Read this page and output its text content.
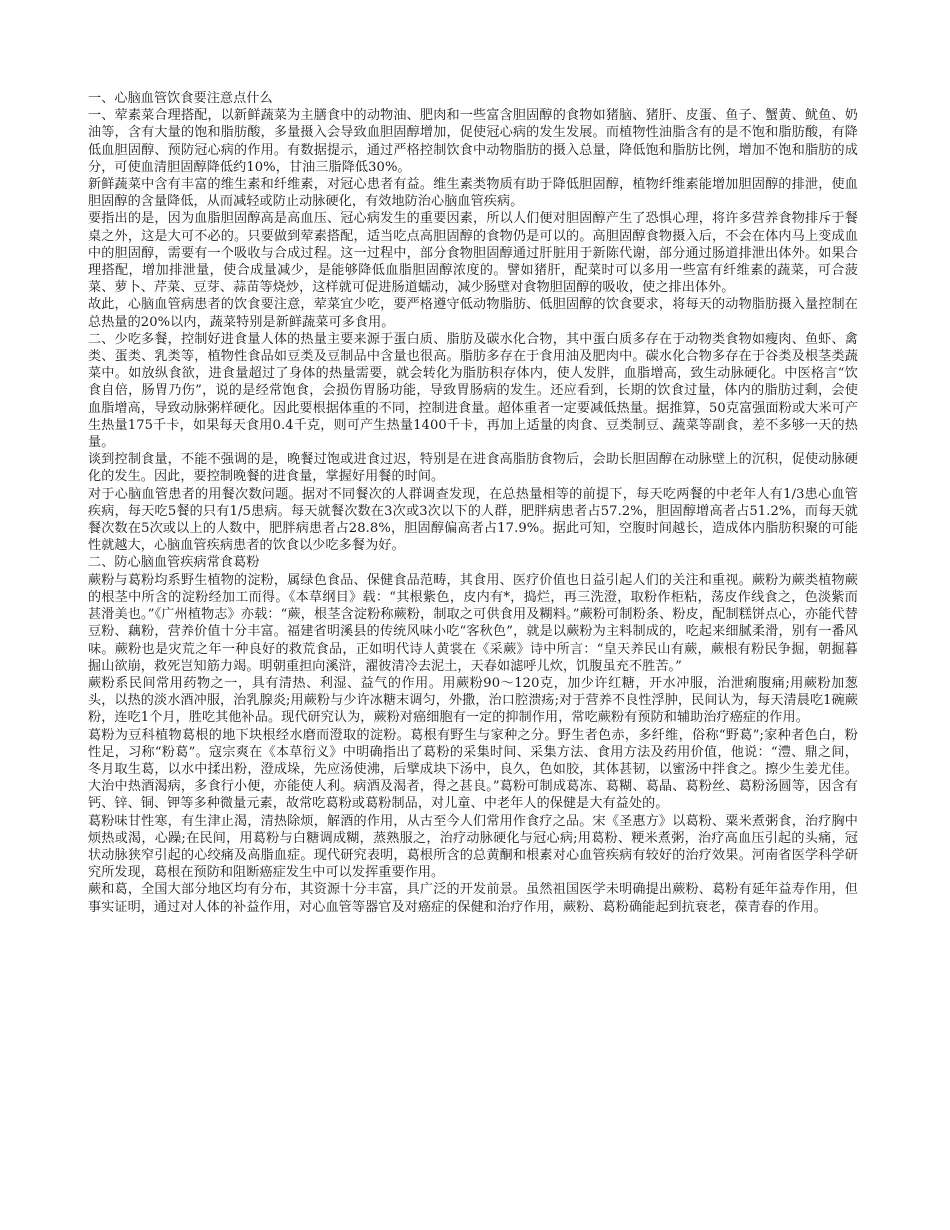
一、心脑血管饮食要注意点什么

一、荤素菜合理搭配，以新鲜蔬菜为主膳食中的动物油、肥肉和一些富含胆固醇的食物如猪脑、猪肝、皮蛋、鱼子、蟹黄、鱿鱼、奶油等，含有大量的饱和脂肪酸，多量摄入会导致血胆固醇增加，促使冠心病的发生发展。而植物性油脂含有的是不饱和脂肪酸，有降低血胆固醇、预防冠心病的作用。有数据提示，通过严格控制饮食中动物脂肪的摄入总量，降低饱和脂肪比例，增加不饱和脂肪的成分，可使血清胆固醇降低约10%，甘油三脂降低30%。

新鲜蔬菜中含有丰富的维生素和纤维素，对冠心患者有益。维生素类物质有助于降低胆固醇，植物纤维素能增加胆固醇的排泄，使血胆固醇的含量降低，从而减轻或防止动脉硬化，有效地防治心脑血管疾病。

要指出的是，因为血脂胆固醇高是高血压、冠心病发生的重要因素，所以人们便对胆固醇产生了恐惧心理，将许多营养食物排斥于餐桌之外，这是大可不必的。只要做到荤素搭配，适当吃点高胆固醇的食物仍是可以的。高胆固醇食物摄入后，不会在体内马上变成血中的胆固醇，需要有一个吸收与合成过程。这一过程中，部分食物胆固醇通过肝脏用于新陈代谢，部分通过肠道排泄出体外。如果合理搭配，增加排泄量，使合成量减少，是能够降低血脂胆固醇浓度的。譬如猪肝，配菜时可以多用一些富有纤维素的蔬菜，可合菠菜、萝卜、芹菜、豆芽、蒜苗等烧炒，这样就可促进肠道蠕动，减少肠壁对食物胆固醇的吸收，使之排出体外。

故此，心脑血管病患者的饮食要注意，荤菜宜少吃，要严格遵守低动物脂肪、低胆固醇的饮食要求，将每天的动物脂肪摄入量控制在总热量的20%以内，蔬菜特别是新鲜蔬菜可多食用。

二、少吃多餐，控制好进食量人体的热量主要来源于蛋白质、脂肪及碳水化合物，其中蛋白质多存在于动物类食物如瘦肉、鱼虾、禽类、蛋类、乳类等，植物性食品如豆类及豆制品中含量也很高。脂肪多存在于食用油及肥肉中。碳水化合物多存在于谷类及根茎类蔬菜中。如放纵食欲，进食量超过了身体的热量需要，就会转化为脂肪积存体内，使人发胖，血脂增高，致生动脉硬化。中医格言“饮食自倍，肠胃乃伤”，说的是经常饱食，会损伤胃肠功能，导致胃肠病的发生。还应看到，长期的饮食过量，体内的脂肪过剩，会使血脂增高，导致动脉粥样硬化。因此要根据体重的不同，控制进食量。超体重者一定要减低热量。据推算，50克富强面粉或大米可产生热量175千卡，如果每天食用0.4千克，则可产生热量1400千卡，再加上适量的肉食、豆类制豆、蔬菜等副食，差不多够一天的热量。

谈到控制食量，不能不强调的是，晚餐过饱或进食过迟，特别是在进食高脂肪食物后，会助长胆固醇在动脉壁上的沉积，促使动脉硬化的发生。因此，要控制晚餐的进食量，掌握好用餐的时间。

对于心脑血管患者的用餐次数问题。据对不同餐次的人群调查发现，在总热量相等的前提下，每天吃两餐的中老年人有1/3患心血管疾病，每天吃5餐的只有1/5患病。每天就餐次数在3次或3次以下的人群，肥胖病患者占57.2%，胆固醇增高者占51.2%，而每天就餐次数在5次或以上的人数中，肥胖病患者占28.8%，胆固醇偏高者占17.9%。据此可知，空腹时间越长，造成体内脂肪积聚的可能性就越大，心脑血管疾病患者的饮食以少吃多餐为好。

二、防心脑血管疾病常食葛粉

蕨粉与葛粉均系野生植物的淀粉，属绿色食品、保健食品范畴，其食用、医疗价值也日益引起人们的关注和重视。蕨粉为蕨类植物蕨的根茎中所含的淀粉经加工而得。《本草纲目》载：“其根紫色，皮内有*，捣烂，再三洗澄，取粉作柜粘，荡皮作线食之，色淡紫而甚滑美也。”《广州植物志》亦载：“蕨，根茎含淀粉称蕨粉，制取之可供食用及糊料。”蕨粉可制粉条、粉皮，配制糕饼点心，亦能代替豆粉、藕粉，营养价值十分丰富。福建省明溪县的传统风味小吃“客秋色”，就是以蕨粉为主料制成的，吃起来细腻柔滑，别有一番风味。蕨粉也是灾荒之年一种良好的救荒食品，正如明代诗人黄裳在《采蕨》诗中所言：“皇天养民山有蕨，蕨根有粉民争掘，朝掘暮掘山欲崩，救死岂知筋力竭。明朝重担向溪浒，濯彼清冷去泥土，天春如滤呼儿炊，饥腹虽充不胜苦。”

蕨粉系民间常用药物之一，具有清热、利湿、益气的作用。用蕨粉90～120克，加少许红糖，开水冲服，治泄痢腹痛;用蕨粉加葱头，以热的淡水酒冲服，治乳腺炎;用蕨粉与少许冰糖末调匀，外撒，治口腔溃疡;对于营养不良性浮肿，民间认为，每天清晨吃1碗蕨粉，连吃1个月，胜吃其他补品。现代研究认为，蕨粉对癌细胞有一定的抑制作用，常吃蕨粉有预防和辅助治疗癌症的作用。

葛粉为豆科植物葛根的地下块根经水磨而澄取的淀粉。葛根有野生与家种之分。野生者色赤，多纤维，俗称“野葛”;家种者色白，粉性足，习称“粉葛”。寇宗爽在《本草衍义》中明确指出了葛粉的采集时间、采集方法、食用方法及药用价值，他说：“澧、鼎之间，冬月取生葛，以水中揉出粉，澄成垛，先应汤使沸，后擘成块下汤中，良久，色如胶，其体甚韧，以蜜汤中拌食之。擦少生姜尤佳。大治中热酒渴病，多食行小便，亦能使人利。病酒及渴者，得之甚良。”葛粉可制成葛冻、葛糊、葛晶、葛粉丝、葛粉汤圆等，因含有钙、锌、铜、钾等多种微量元素，故常吃葛粉或葛粉制品，对儿童、中老年人的保健是大有益处的。

葛粉味甘性寒，有生津止渴，清热除烦，解酒的作用，从古至今人们常用作食疗之品。宋《圣惠方》以葛粉、粟米煮粥食，治疗胸中烦热或渴，心躁;在民间，用葛粉与白糖调成糊，蒸熟服之，治疗动脉硬化与冠心病;用葛粉、粳米煮粥，治疗高血压引起的头痛，冠状动脉狭窄引起的心绞痛及高脂血症。现代研究表明，葛根所含的总黄酮和根素对心血管疾病有较好的治疗效果。河南省医学科学研究所发现，葛根在预防和阻断癌症发生中可以发挥重要作用。

蕨和葛，全国大部分地区均有分布，其资源十分丰富，具广泛的开发前景。虽然祖国医学未明确提出蕨粉、葛粉有延年益寿作用，但事实证明，通过对人体的补益作用，对心血管等器官及对癌症的保健和治疗作用，蕨粉、葛粉确能起到抗衰老，葆青春的作用。
